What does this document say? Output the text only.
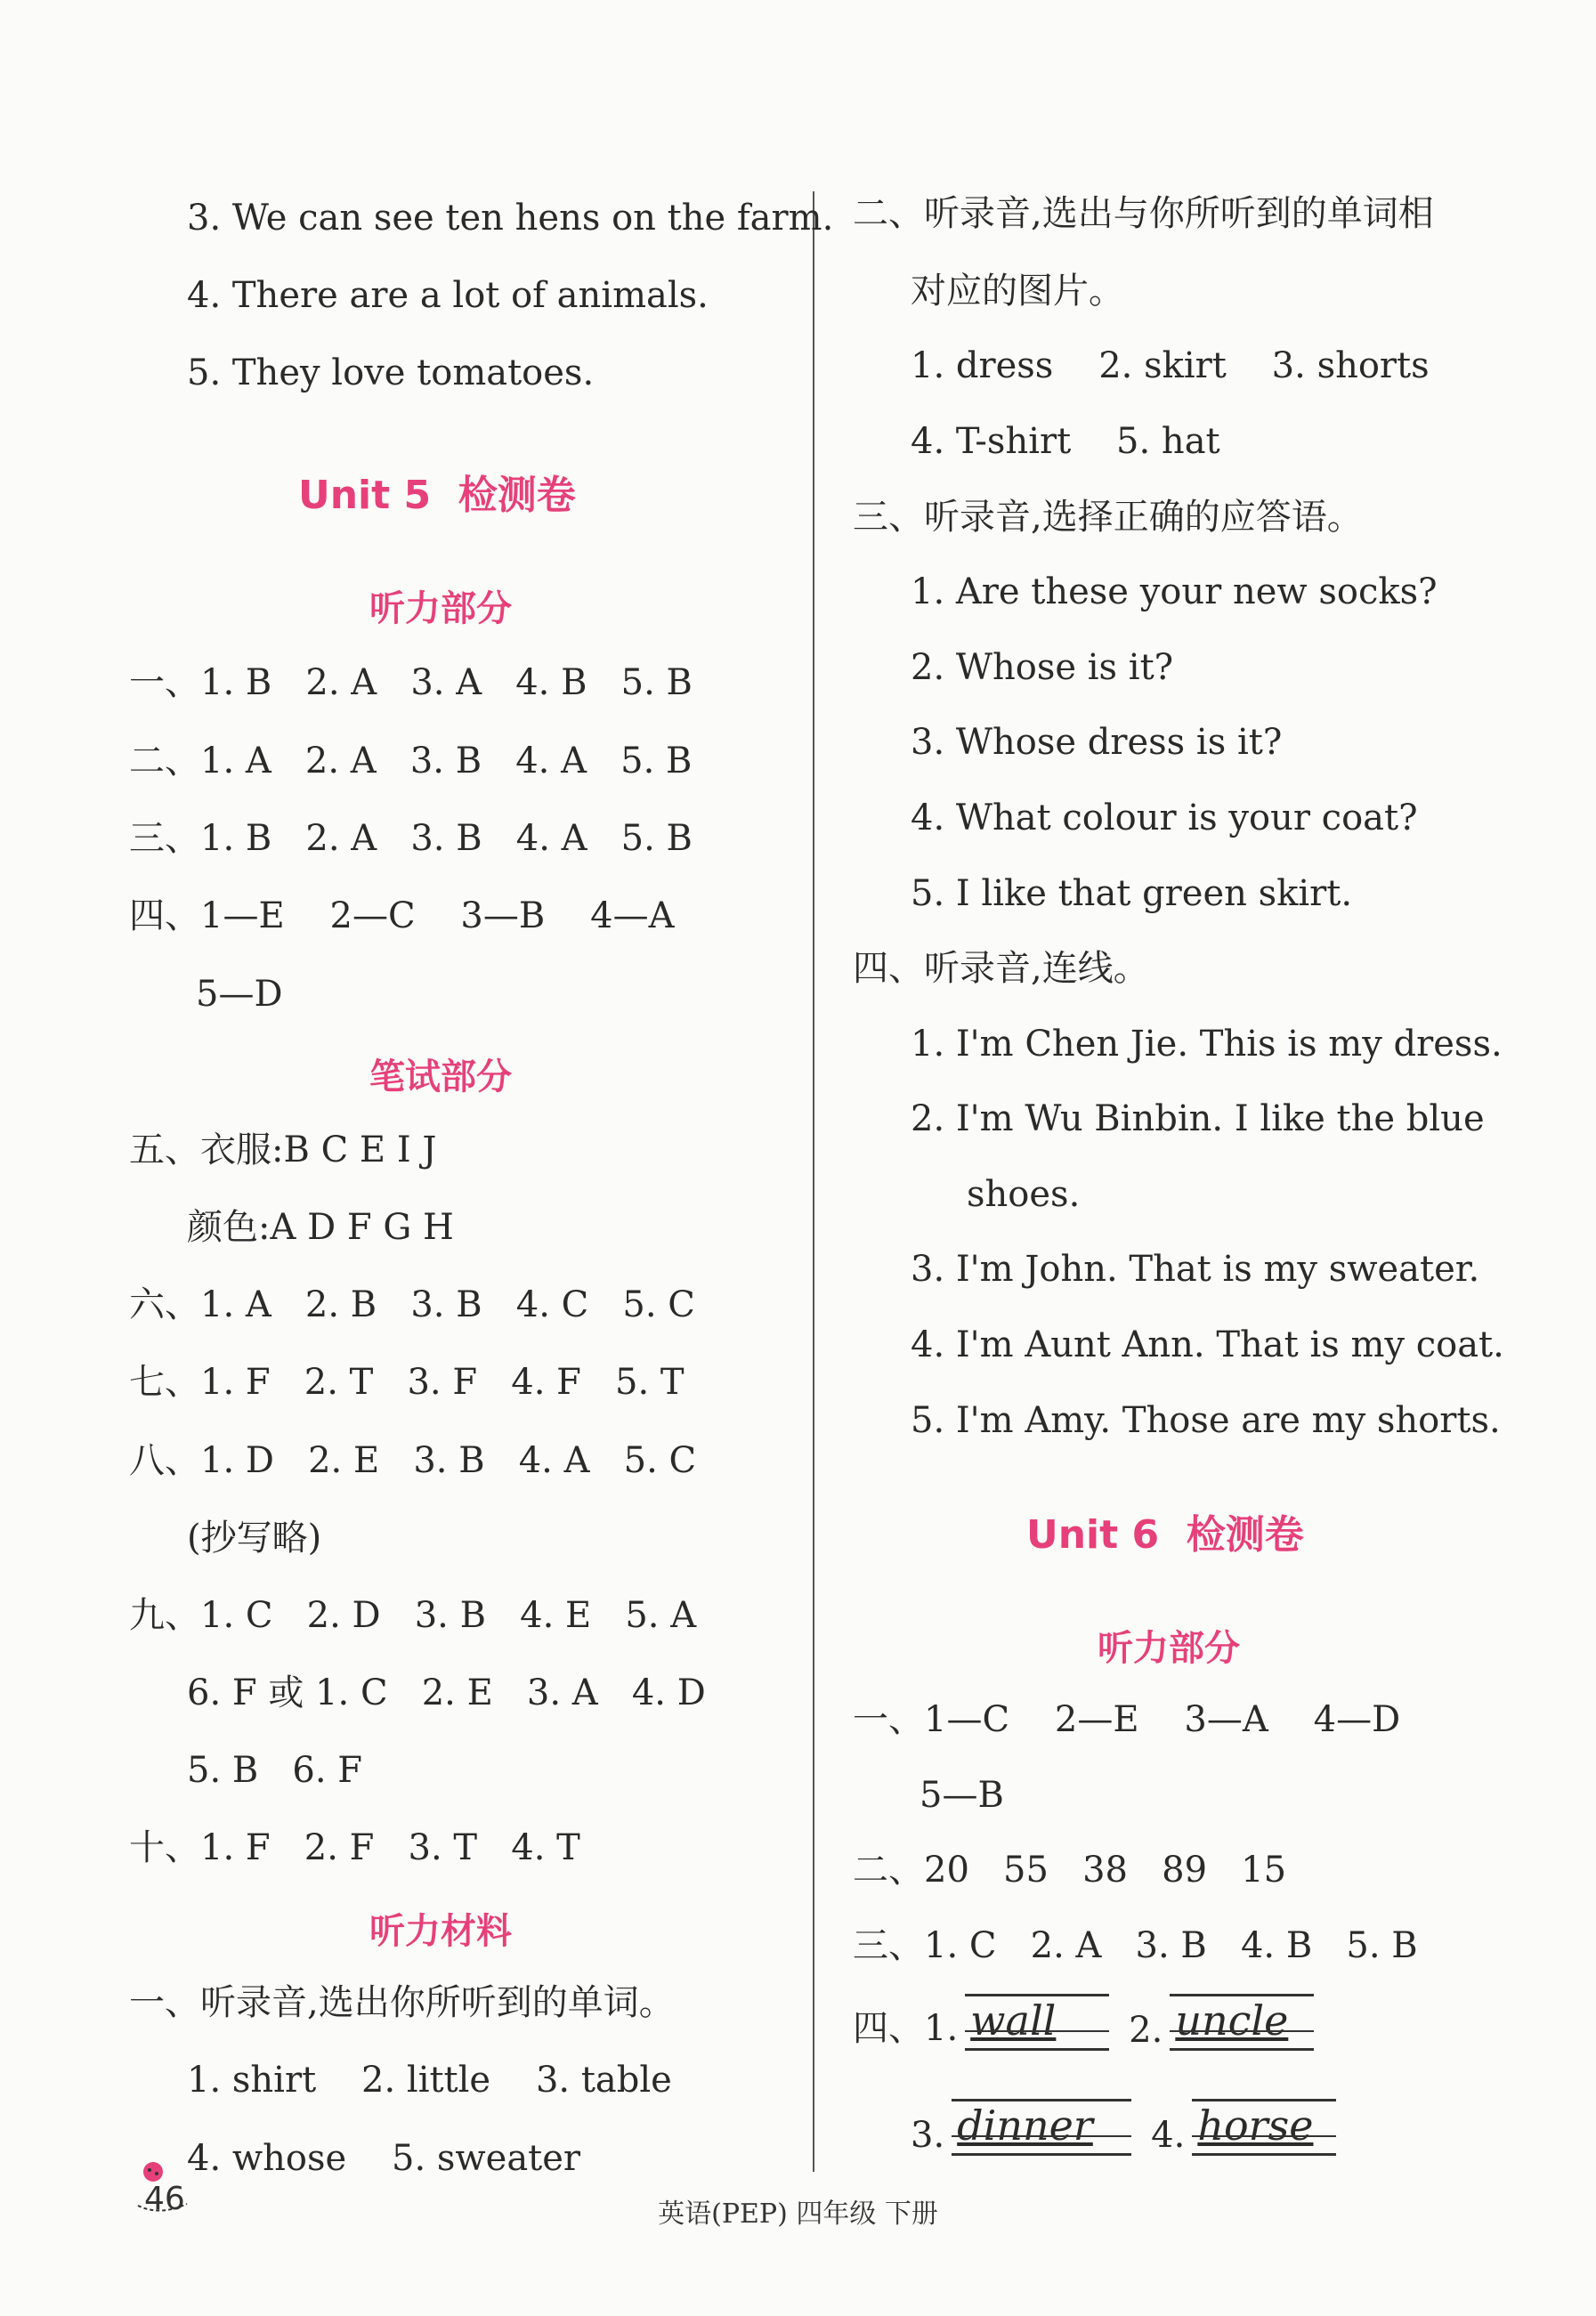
3. We can see ten hens on the farm.
4. There are a lot of animals.
5. They love tomatoes.
Unit 5  检测卷
听力部分
一、1. B   2. A   3. A   4. B   5. B
二、1. A   2. A   3. B   4. A   5. B
三、1. B   2. A   3. B   4. A   5. B
四、1—E    2—C    3—B    4—A
5—D
笔试部分
五、衣服:B C E I J
颜色:A D F G H
六、1. A   2. B   3. B   4. C   5. C
七、1. F   2. T   3. F   4. F   5. T
八、1. D   2. E   3. B   4. A   5. C
(抄写略)
九、1. C   2. D   3. B   4. E   5. A
6. F 或 1. C   2. E   3. A   4. D
5. B   6. F
十、1. F   2. F   3. T   4. T
听力材料
一、听录音,选出你所听到的单词。
1. shirt    2. little    3. table
4. whose    5. sweater
二、听录音,选出与你所听到的单词相
对应的图片。
1. dress    2. skirt    3. shorts
4. T-shirt    5. hat
三、听录音,选择正确的应答语。
1. Are these your new socks?
2. Whose is it?
3. Whose dress is it?
4. What colour is your coat?
5. I like that green skirt.
四、听录音,连线。
1. I'm Chen Jie. This is my dress.
2. I'm Wu Binbin. I like the blue
shoes.
3. I'm John. That is my sweater.
4. I'm Aunt Ann. That is my coat.
5. I'm Amy. Those are my shorts.
Unit 6  检测卷
听力部分
一、1—C    2—E    3—A    4—D
5—B
二、20   55   38   89   15
三、1. C   2. A   3. B   4. B   5. B
四、1. wall	2. uncle
3. dinner	4. horse
46	英语(PEP) 四年级 下册
